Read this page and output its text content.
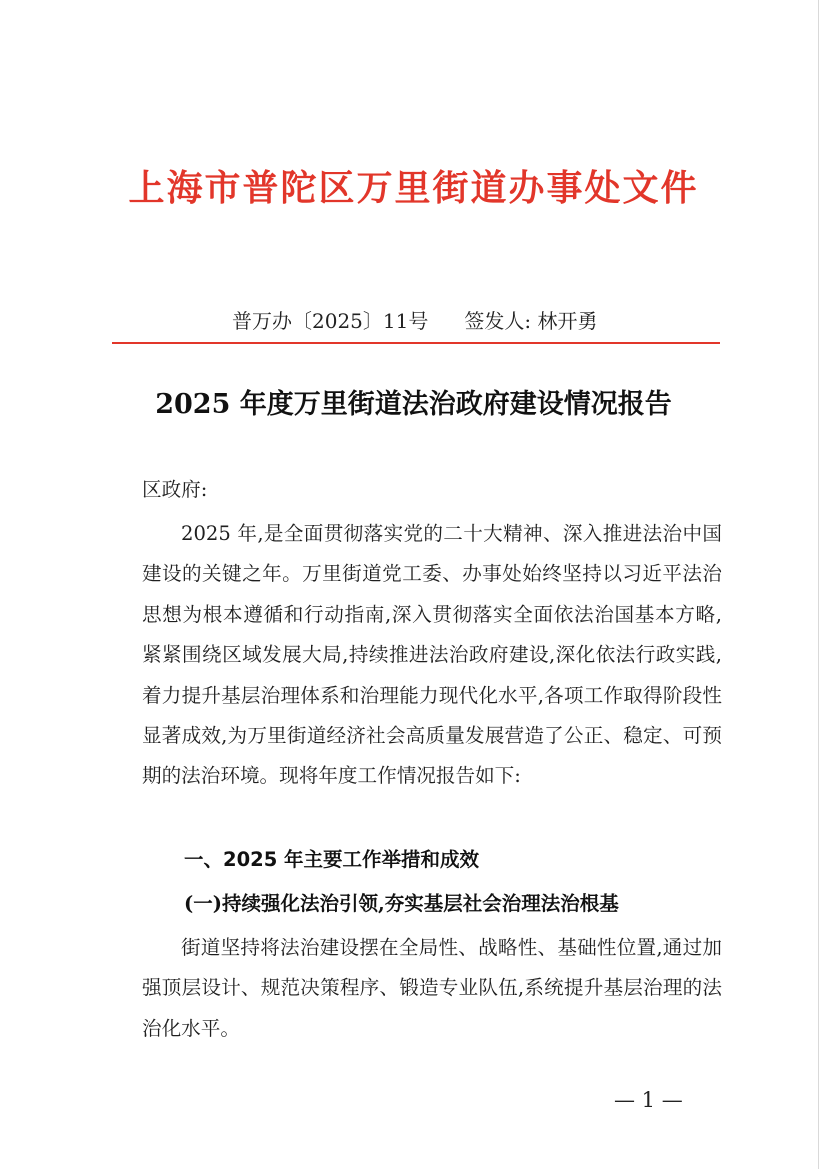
上海市普陀区万里街道办事处文件
普万办〔2025〕11号 签发人: 林开勇
2025 年度万里街道法治政府建设情况报告
区政府:
2025 年,是全面贯彻落实党的二十大精神、深入推进法治中国建设的关键之年。万里街道党工委、办事处始终坚持以习近平法治思想为根本遵循和行动指南,深入贯彻落实全面依法治国基本方略,紧紧围绕区域发展大局,持续推进法治政府建设,深化依法行政实践,着力提升基层治理体系和治理能力现代化水平,各项工作取得阶段性显著成效,为万里街道经济社会高质量发展营造了公正、稳定、可预期的法治环境。现将年度工作情况报告如下:
一、2025 年主要工作举措和成效
(一)持续强化法治引领,夯实基层社会治理法治根基
街道坚持将法治建设摆在全局性、战略性、基础性位置,通过加强顶层设计、规范决策程序、锻造专业队伍,系统提升基层治理的法治化水平。
— 1 —
